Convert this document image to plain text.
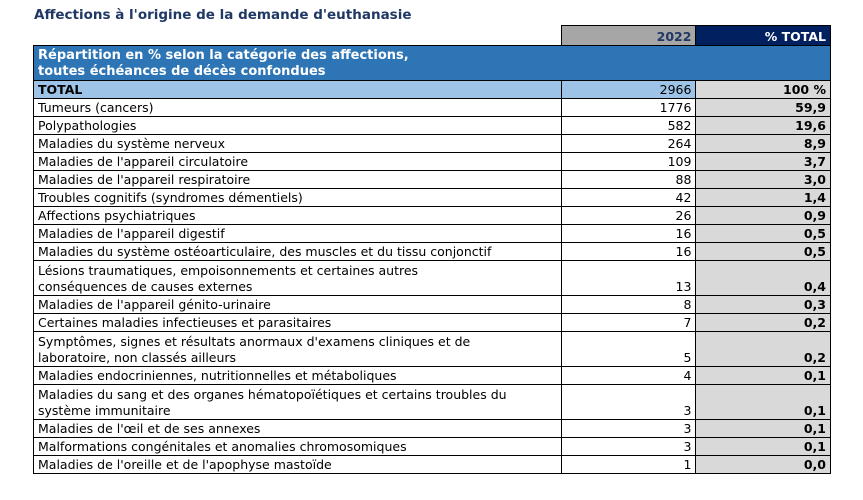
Affections à l'origine de la demande d'euthanasie
	2022	% TOTAL

Répartition en % selon la catégorie des affections,
toutes échéances de décès confondues		

TOTAL	2966	100 %

Tumeurs (cancers)	1776	59,9

Polypathologies	582	19,6

Maladies du système nerveux	264	8,9

Maladies de l'appareil circulatoire	109	3,7

Maladies de l'appareil respiratoire	88	3,0

Troubles cognitifs (syndromes démentiels)	42	1,4

Affections psychiatriques	26	0,9

Maladies de l'appareil digestif	16	0,5

Maladies du système ostéoarticulaire, des muscles et du tissu conjonctif	16	0,5

Lésions traumatiques, empoisonnements et certaines autres
conséquences de causes externes	13	0,4

Maladies de l'appareil génito-urinaire	8	0,3

Certaines maladies infectieuses et parasitaires	7	0,2

Symptômes, signes et résultats anormaux d'examens cliniques et de
laboratoire, non classés ailleurs	5	0,2

Maladies endocriniennes, nutritionnelles et métaboliques	4	0,1

Maladies du sang et des organes hématopoïétiques et certains troubles du
système immunitaire	3	0,1

Maladies de l'œil et de ses annexes	3	0,1

Malformations congénitales et anomalies chromosomiques	3	0,1

Maladies de l'oreille et de l'apophyse mastoïde	1	0,0
